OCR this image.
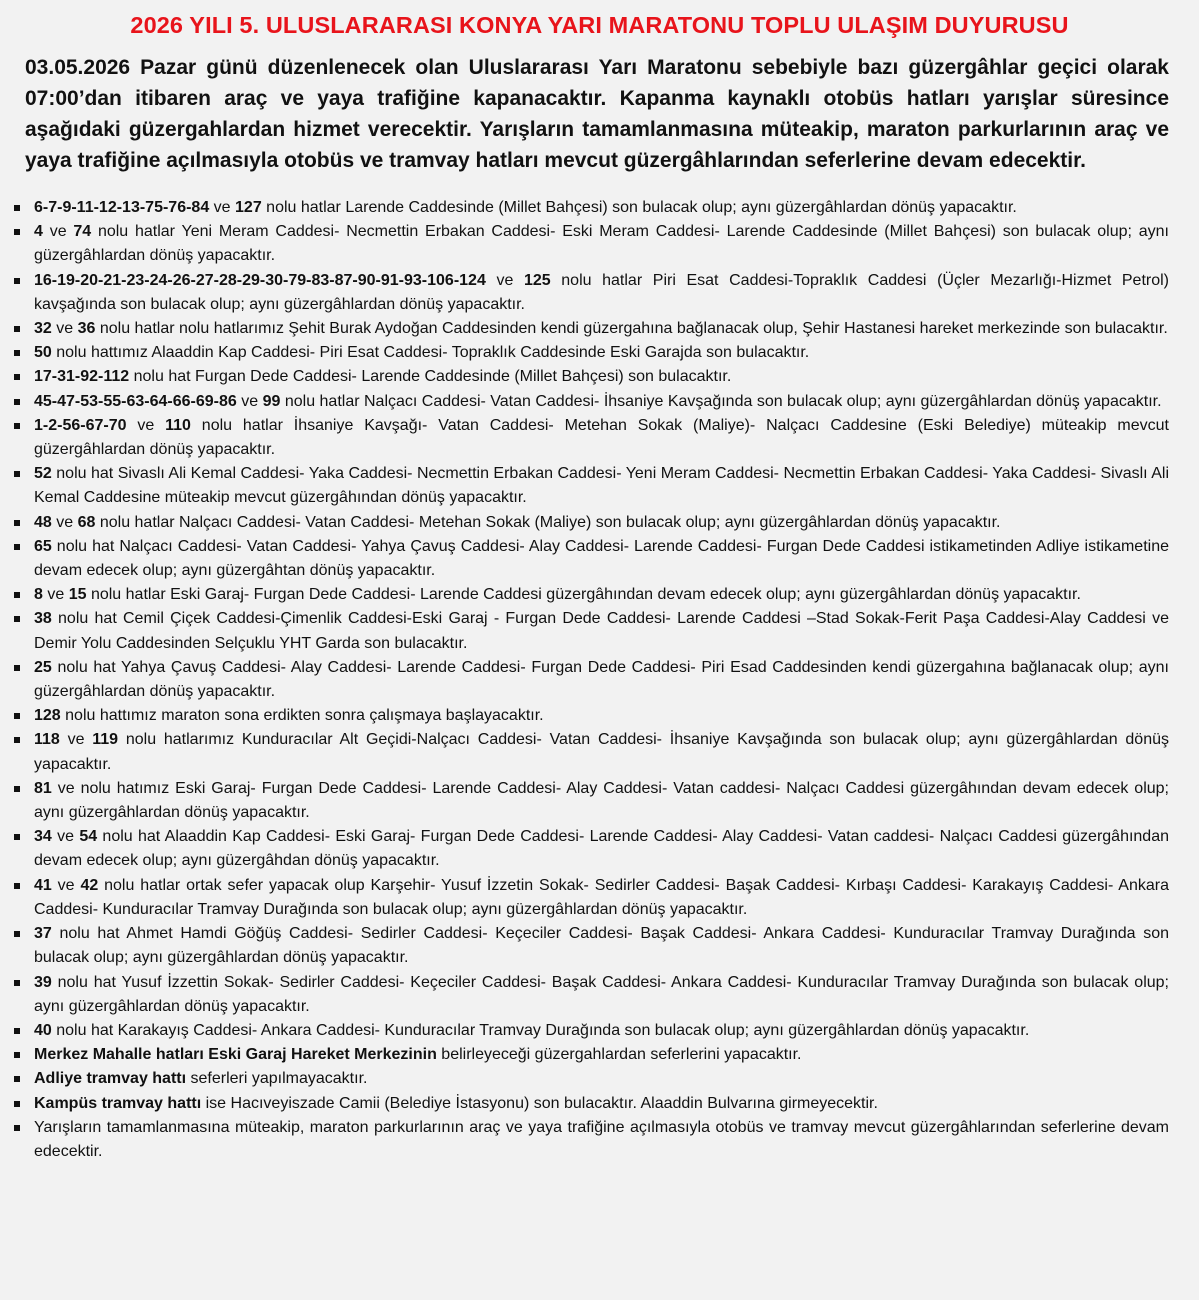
2026 YILI 5. ULUSLARARASI KONYA YARI MARATONU TOPLU ULAŞIM DUYURUSU
03.05.2026 Pazar günü düzenlenecek olan Uluslararası Yarı Maratonu sebebiyle bazı güzergâhlar geçici olarak 07:00’dan itibaren araç ve yaya trafiğine kapanacaktır. Kapanma kaynaklı otobüs hatları yarışlar süresince aşağıdaki güzergahlardan hizmet verecektir. Yarışların tamamlanmasına müteakip, maraton parkurlarının araç ve yaya trafiğine açılmasıyla otobüs ve tramvay hatları mevcut güzergâhlarından seferlerine devam edecektir.
6-7-9-11-12-13-75-76-84 ve 127 nolu hatlar Larende Caddesinde (Millet Bahçesi) son bulacak olup; aynı güzergâhlardan dönüş yapacaktır.
4 ve 74 nolu hatlar Yeni Meram Caddesi- Necmettin Erbakan Caddesi- Eski Meram Caddesi- Larende Caddesinde (Millet Bahçesi) son bulacak olup; aynı güzergâhlardan dönüş yapacaktır.
16-19-20-21-23-24-26-27-28-29-30-79-83-87-90-91-93-106-124 ve 125 nolu hatlar Piri Esat Caddesi-Topraklık Caddesi (Üçler Mezarlığı-Hizmet Petrol) kavşağında son bulacak olup; aynı güzergâhlardan dönüş yapacaktır.
32 ve 36 nolu hatlar nolu hatlarımız Şehit Burak Aydoğan Caddesinden kendi güzergahına bağlanacak olup, Şehir Hastanesi hareket merkezinde son bulacaktır.
50 nolu hattımız Alaaddin Kap Caddesi- Piri Esat Caddesi- Topraklık Caddesinde Eski Garajda son bulacaktır.
17-31-92-112 nolu hat Furgan Dede Caddesi- Larende Caddesinde (Millet Bahçesi) son bulacaktır.
45-47-53-55-63-64-66-69-86 ve 99 nolu hatlar Nalçacı Caddesi- Vatan Caddesi- İhsaniye Kavşağında son bulacak olup; aynı güzergâhlardan dönüş yapacaktır.
1-2-56-67-70 ve 110 nolu hatlar İhsaniye Kavşağı- Vatan Caddesi- Metehan Sokak (Maliye)- Nalçacı Caddesine (Eski Belediye) müteakip mevcut güzergâhlardan dönüş yapacaktır.
52 nolu hat Sivaslı Ali Kemal Caddesi- Yaka Caddesi- Necmettin Erbakan Caddesi- Yeni Meram Caddesi- Necmettin Erbakan Caddesi- Yaka Caddesi- Sivaslı Ali Kemal Caddesine müteakip mevcut güzergâhından dönüş yapacaktır.
48 ve 68 nolu hatlar Nalçacı Caddesi- Vatan Caddesi- Metehan Sokak (Maliye) son bulacak olup; aynı güzergâhlardan dönüş yapacaktır.
65 nolu hat Nalçacı Caddesi- Vatan Caddesi- Yahya Çavuş Caddesi- Alay Caddesi- Larende Caddesi- Furgan Dede Caddesi istikametinden Adliye istikametine devam edecek olup; aynı güzergâhtan dönüş yapacaktır.
8 ve 15 nolu hatlar Eski Garaj- Furgan Dede Caddesi- Larende Caddesi güzergâhından devam edecek olup; aynı güzergâhlardan dönüş yapacaktır.
38 nolu hat Cemil Çiçek Caddesi-Çimenlik Caddesi-Eski Garaj - Furgan Dede Caddesi- Larende Caddesi –Stad Sokak-Ferit Paşa Caddesi-Alay Caddesi ve Demir Yolu Caddesinden Selçuklu YHT Garda son bulacaktır.
25 nolu hat Yahya Çavuş Caddesi- Alay Caddesi- Larende Caddesi- Furgan Dede Caddesi- Piri Esad Caddesinden kendi güzergahına bağlanacak olup; aynı güzergâhlardan dönüş yapacaktır.
128 nolu hattımız maraton sona erdikten sonra çalışmaya başlayacaktır.
118 ve 119 nolu hatlarımız Kunduracılar Alt Geçidi-Nalçacı Caddesi- Vatan Caddesi- İhsaniye Kavşağında son bulacak olup; aynı güzergâhlardan dönüş yapacaktır.
81 ve nolu hatımız Eski Garaj- Furgan Dede Caddesi- Larende Caddesi- Alay Caddesi- Vatan caddesi- Nalçacı Caddesi güzergâhından devam edecek olup; aynı güzergâhlardan dönüş yapacaktır.
34 ve 54 nolu hat Alaaddin Kap Caddesi- Eski Garaj- Furgan Dede Caddesi- Larende Caddesi- Alay Caddesi- Vatan caddesi- Nalçacı Caddesi güzergâhından devam edecek olup; aynı güzergâhdan dönüş yapacaktır.
41 ve 42 nolu hatlar ortak sefer yapacak olup Karşehir- Yusuf İzzetin Sokak- Sedirler Caddesi- Başak Caddesi- Kırbaşı Caddesi- Karakayış Caddesi- Ankara Caddesi- Kunduracılar Tramvay Durağında son bulacak olup; aynı güzergâhlardan dönüş yapacaktır.
37 nolu hat Ahmet Hamdi Göğüş Caddesi- Sedirler Caddesi- Keçeciler Caddesi- Başak Caddesi- Ankara Caddesi- Kunduracılar Tramvay Durağında son bulacak olup; aynı güzergâhlardan dönüş yapacaktır.
39 nolu hat Yusuf İzzettin Sokak- Sedirler Caddesi- Keçeciler Caddesi- Başak Caddesi- Ankara Caddesi- Kunduracılar Tramvay Durağında son bulacak olup; aynı güzergâhlardan dönüş yapacaktır.
40 nolu hat Karakayış Caddesi- Ankara Caddesi- Kunduracılar Tramvay Durağında son bulacak olup; aynı güzergâhlardan dönüş yapacaktır.
Merkez Mahalle hatları Eski Garaj Hareket Merkezinin belirleyeceği güzergahlardan seferlerini yapacaktır.
Adliye tramvay hattı seferleri yapılmayacaktır.
Kampüs tramvay hattı ise Hacıveyiszade Camii (Belediye İstasyonu) son bulacaktır. Alaaddin Bulvarına girmeyecektir.
Yarışların tamamlanmasına müteakip, maraton parkurlarının araç ve yaya trafiğine açılmasıyla otobüs ve tramvay mevcut güzergâhlarından seferlerine devam edecektir.
